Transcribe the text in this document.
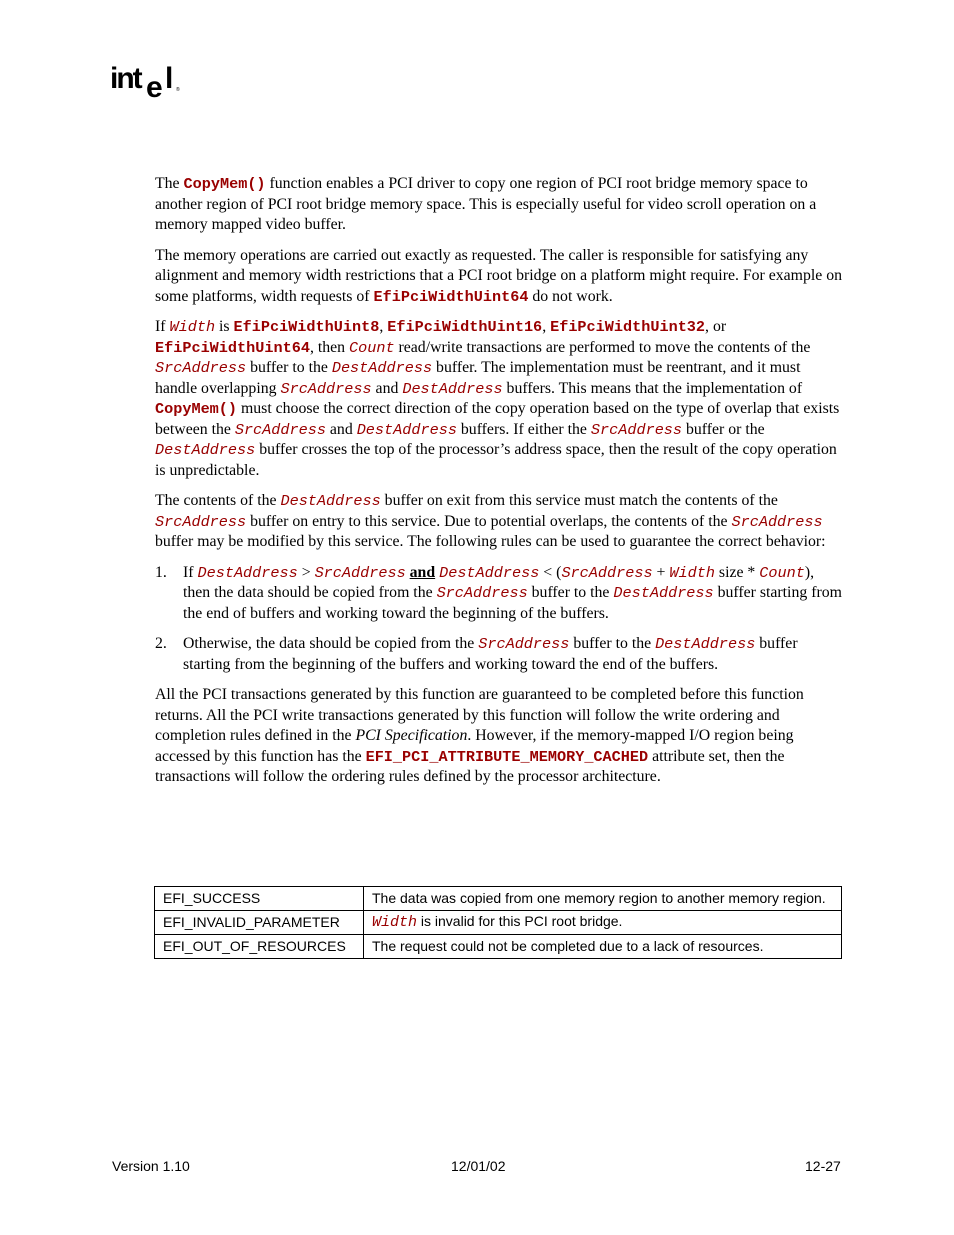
int e l ®

The CopyMem() function enables a PCI driver to copy one region of PCI root bridge memory space to another region of PCI root bridge memory space. This is especially useful for video scroll operation on a memory mapped video buffer.

The memory operations are carried out exactly as requested. The caller is responsible for satisfying any alignment and memory width restrictions that a PCI root bridge on a platform might require. For example on some platforms, width requests of EfiPciWidthUint64 do not work.

If Width is EfiPciWidthUint8, EfiPciWidthUint16, EfiPciWidthUint32, or EfiPciWidthUint64, then Count read/write transactions are performed to move the contents of the SrcAddress buffer to the DestAddress buffer. The implementation must be reentrant, and it must handle overlapping SrcAddress and DestAddress buffers. This means that the implementation of CopyMem() must choose the correct direction of the copy operation based on the type of overlap that exists between the SrcAddress and DestAddress buffers. If either the SrcAddress buffer or the DestAddress buffer crosses the top of the processor’s address space, then the result of the copy operation is unpredictable.

The contents of the DestAddress buffer on exit from this service must match the contents of the SrcAddress buffer on entry to this service. Due to potential overlaps, the contents of the SrcAddress buffer may be modified by this service. The following rules can be used to guarantee the correct behavior:

1. If DestAddress > SrcAddress and DestAddress < (SrcAddress + Width size * Count), then the data should be copied from the SrcAddress buffer to the DestAddress buffer starting from the end of buffers and working toward the beginning of the buffers.
2. Otherwise, the data should be copied from the SrcAddress buffer to the DestAddress buffer starting from the beginning of the buffers and working toward the end of the buffers.

All the PCI transactions generated by this function are guaranteed to be completed before this function returns. All the PCI write transactions generated by this function will follow the write ordering and completion rules defined in the PCI Specification. However, if the memory-mapped I/O region being accessed by this function has the EFI_PCI_ATTRIBUTE_MEMORY_CACHED attribute set, then the transactions will follow the ordering rules defined by the processor architecture.

EFI_SUCCESS	The data was copied from one memory region to another memory region.
EFI_INVALID_PARAMETER	Width is invalid for this PCI root bridge.
EFI_OUT_OF_RESOURCES	The request could not be completed due to a lack of resources.
Version 1.10	12/01/02	12-27
